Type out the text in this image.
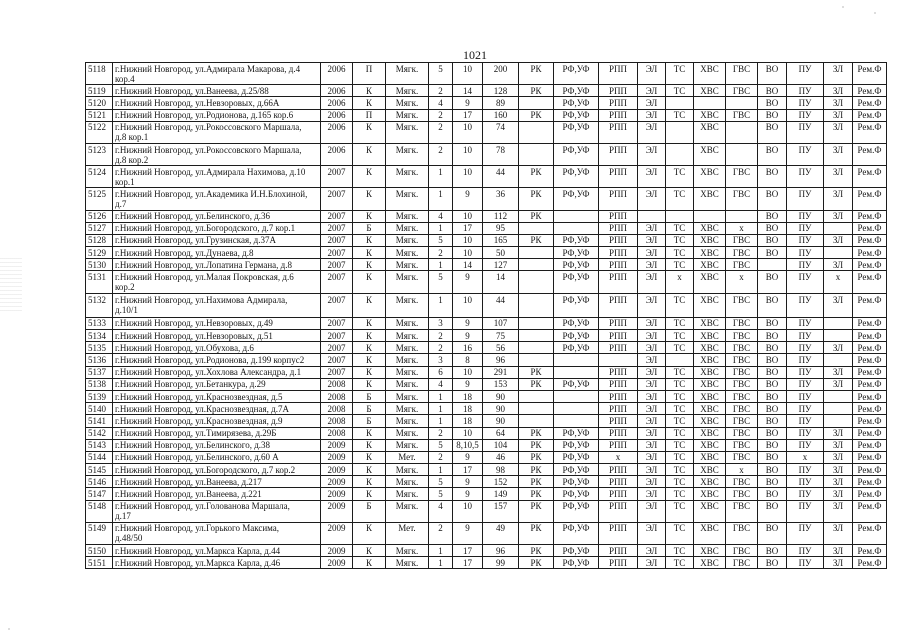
1021
5118	г.Нижний Новгород, ул.Адмирала Макарова, д.4
кор.4	2006	П	Мягк.	5	10	200	РК	РФ,УФ	РПП	ЭЛ	ТС	ХВС	ГВС	ВО	ПУ	ЗЛ	Рем.Ф
5119	г.Нижний Новгород, ул.Ванеева, д.25/88	2006	К	Мягк.	2	14	128	РК	РФ,УФ	РПП	ЭЛ	ТС	ХВС	ГВС	ВО	ПУ	ЗЛ	Рем.Ф
5120	г.Нижний Новгород, ул.Невзоровых, д.66А	2006	К	Мягк.	4	9	89		РФ,УФ	РПП	ЭЛ				ВО	ПУ	ЗЛ	Рем.Ф
5121	г.Нижний Новгород, ул.Родионова, д.165 кор.6	2006	П	Мягк.	2	17	160	РК	РФ,УФ	РПП	ЭЛ	ТС	ХВС	ГВС	ВО	ПУ	ЗЛ	Рем.Ф
5122	г.Нижний Новгород, ул.Рокоссовского Маршала,
д.8 кор.1	2006	К	Мягк.	2	10	74		РФ,УФ	РПП	ЭЛ		ХВС		ВО	ПУ	ЗЛ	Рем.Ф
5123	г.Нижний Новгород, ул.Рокоссовского Маршала,
д.8 кор.2	2006	К	Мягк.	2	10	78		РФ,УФ	РПП	ЭЛ		ХВС		ВО	ПУ	ЗЛ	Рем.Ф
5124	г.Нижний Новгород, ул.Адмирала Нахимова, д.10
кор.1	2007	К	Мягк.	1	10	44	РК	РФ,УФ	РПП	ЭЛ	ТС	ХВС	ГВС	ВО	ПУ	ЗЛ	Рем.Ф
5125	г.Нижний Новгород, ул.Академика И.Н.Блохиной,
д.7	2007	К	Мягк.	1	9	36	РК	РФ,УФ	РПП	ЭЛ	ТС	ХВС	ГВС	ВО	ПУ	ЗЛ	Рем.Ф
5126	г.Нижний Новгород, ул.Белинского, д.36	2007	К	Мягк.	4	10	112	РК		РПП					ВО	ПУ	ЗЛ	Рем.Ф
5127	г.Нижний Новгород, ул.Богородского, д.7 кор.1	2007	Б	Мягк.	1	17	95			РПП	ЭЛ	ТС	ХВС	х	ВО	ПУ		Рем.Ф
5128	г.Нижний Новгород, ул.Грузинская, д.37А	2007	К	Мягк.	5	10	165	РК	РФ,УФ	РПП	ЭЛ	ТС	ХВС	ГВС	ВО	ПУ	ЗЛ	Рем.Ф
5129	г.Нижний Новгород, ул.Дунаева, д.8	2007	К	Мягк.	2	10	50		РФ,УФ	РПП	ЭЛ	ТС	ХВС	ГВС	ВО	ПУ		Рем.Ф
5130	г.Нижний Новгород, ул.Лопатина Германа, д.8	2007	К	Мягк.	1	14	127		РФ,УФ	РПП	ЭЛ	ТС	ХВС	ГВС		ПУ	ЗЛ	Рем.Ф
5131	г.Нижний Новгород, ул.Малая Покровская, д.6
кор.2	2007	К	Мягк.	5	9	14		РФ,УФ	РПП	ЭЛ	х	ХВС	х	ВО	ПУ	х	Рем.Ф
5132	г.Нижний Новгород, ул.Нахимова Адмирала,
д.10/1	2007	К	Мягк.	1	10	44		РФ,УФ	РПП	ЭЛ	ТС	ХВС	ГВС	ВО	ПУ	ЗЛ	Рем.Ф
5133	г.Нижний Новгород, ул.Невзоровых, д.49	2007	К	Мягк.	3	9	107		РФ,УФ	РПП	ЭЛ	ТС	ХВС	ГВС	ВО	ПУ		Рем.Ф
5134	г.Нижний Новгород, ул.Невзоровых, д.51	2007	К	Мягк.	2	9	75		РФ,УФ	РПП	ЭЛ	ТС	ХВС	ГВС	ВО	ПУ		Рем.Ф
5135	г.Нижний Новгород, ул.Обухова, д.6	2007	К	Мягк.	2	16	56		РФ,УФ	РПП	ЭЛ	ТС	ХВС	ГВС	ВО	ПУ	ЗЛ	Рем.Ф
5136	г.Нижний Новгород, ул.Родионова, д.199 корпус2	2007	К	Мягк.	3	8	96				ЭЛ		ХВС	ГВС	ВО	ПУ		Рем.Ф
5137	г.Нижний Новгород, ул.Хохлова Александра, д.1	2007	К	Мягк.	6	10	291	РК		РПП	ЭЛ	ТС	ХВС	ГВС	ВО	ПУ	ЗЛ	Рем.Ф
5138	г.Нижний Новгород, ул.Бетанкура, д.29	2008	К	Мягк.	4	9	153	РК	РФ,УФ	РПП	ЭЛ	ТС	ХВС	ГВС	ВО	ПУ	ЗЛ	Рем.Ф
5139	г.Нижний Новгород, ул.Краснозвездная, д.5	2008	Б	Мягк.	1	18	90			РПП	ЭЛ	ТС	ХВС	ГВС	ВО	ПУ		Рем.Ф
5140	г.Нижний Новгород, ул.Краснозвездная, д.7А	2008	Б	Мягк.	1	18	90			РПП	ЭЛ	ТС	ХВС	ГВС	ВО	ПУ		Рем.Ф
5141	г.Нижний Новгород, ул.Краснозвездная, д.9	2008	Б	Мягк.	1	18	90			РПП	ЭЛ	ТС	ХВС	ГВС	ВО	ПУ		Рем.Ф
5142	г.Нижний Новгород, ул.Тимирязева, д.29Б	2008	К	Мягк.	2	10	64	РК	РФ,УФ	РПП	ЭЛ	ТС	ХВС	ГВС	ВО	ПУ	ЗЛ	Рем.Ф
5143	г.Нижний Новгород, ул.Белинского, д.38	2009	К	Мягк.	5	8,10,5	104	РК	РФ,УФ	РПП	ЭЛ	ТС	ХВС	ГВС	ВО	ПУ	ЗЛ	Рем.Ф
5144	г.Нижний Новгород, ул.Белинского, д.60 А	2009	К	Мет.	2	9	46	РК	РФ,УФ	х	ЭЛ	ТС	ХВС	ГВС	ВО	х	ЗЛ	Рем.Ф
5145	г.Нижний Новгород, ул.Богородского, д.7 кор.2	2009	К	Мягк.	1	17	98	РК	РФ,УФ	РПП	ЭЛ	ТС	ХВС	х	ВО	ПУ	ЗЛ	Рем.Ф
5146	г.Нижний Новгород, ул.Ванеева, д.217	2009	К	Мягк.	5	9	152	РК	РФ,УФ	РПП	ЭЛ	ТС	ХВС	ГВС	ВО	ПУ	ЗЛ	Рем.Ф
5147	г.Нижний Новгород, ул.Ванеева, д.221	2009	К	Мягк.	5	9	149	РК	РФ,УФ	РПП	ЭЛ	ТС	ХВС	ГВС	ВО	ПУ	ЗЛ	Рем.Ф
5148	г.Нижний Новгород, ул.Голованова Маршала,
д.17	2009	Б	Мягк.	4	10	157	РК	РФ,УФ	РПП	ЭЛ	ТС	ХВС	ГВС	ВО	ПУ	ЗЛ	Рем.Ф
5149	г.Нижний Новгород, ул.Горького Максима,
д.48/50	2009	К	Мет.	2	9	49	РК	РФ,УФ	РПП	ЭЛ	ТС	ХВС	ГВС	ВО	ПУ	ЗЛ	Рем.Ф
5150	г.Нижний Новгород, ул.Маркса Карла, д.44	2009	К	Мягк.	1	17	96	РК	РФ,УФ	РПП	ЭЛ	ТС	ХВС	ГВС	ВО	ПУ	ЗЛ	Рем.Ф
5151	г.Нижний Новгород, ул.Маркса Карла, д.46	2009	К	Мягк.	1	17	99	РК	РФ,УФ	РПП	ЭЛ	ТС	ХВС	ГВС	ВО	ПУ	ЗЛ	Рем.Ф
